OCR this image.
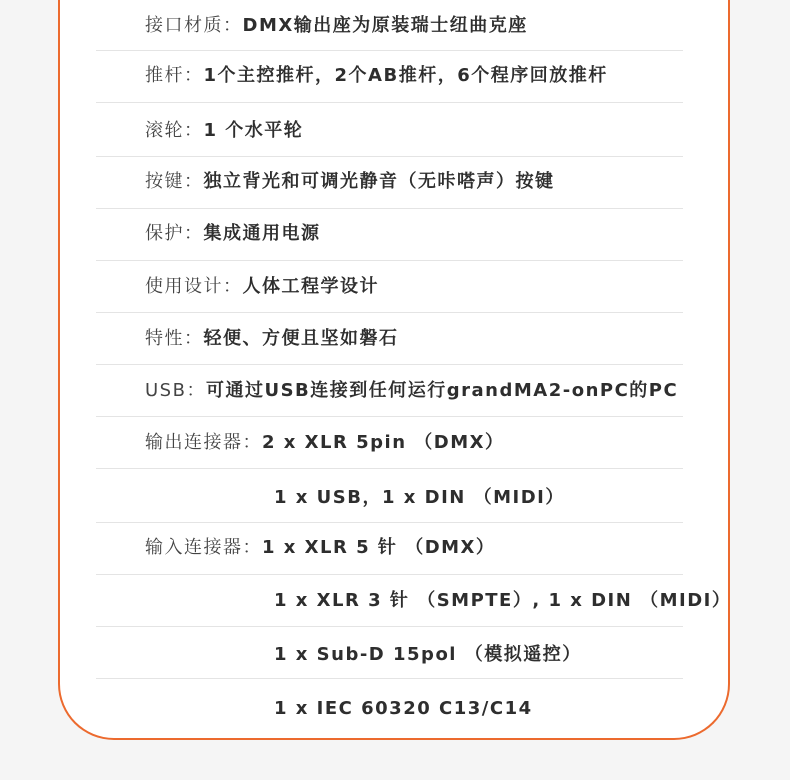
接口材质：DMX输出座为原装瑞士纽曲克座
推杆：1个主控推杆，2个AB推杆，6个程序回放推杆
滚轮：1 个水平轮
按键：独立背光和可调光静音（无咔嗒声）按键
保护：集成通用电源
使用设计：人体工程学设计
特性：轻便、方便且坚如磐石
USB：可通过USB连接到任何运行grandMA2-onPC的PC
输出连接器：2 x XLR 5pin （DMX）
1 x USB，1 x DIN （MIDI）
输入连接器：1 x XLR 5 针 （DMX）
1 x XLR 3 针 （SMPTE）, 1 x DIN （MIDI）
1 x Sub-D 15pol （模拟遥控）
1 x IEC 60320 C13/C14
